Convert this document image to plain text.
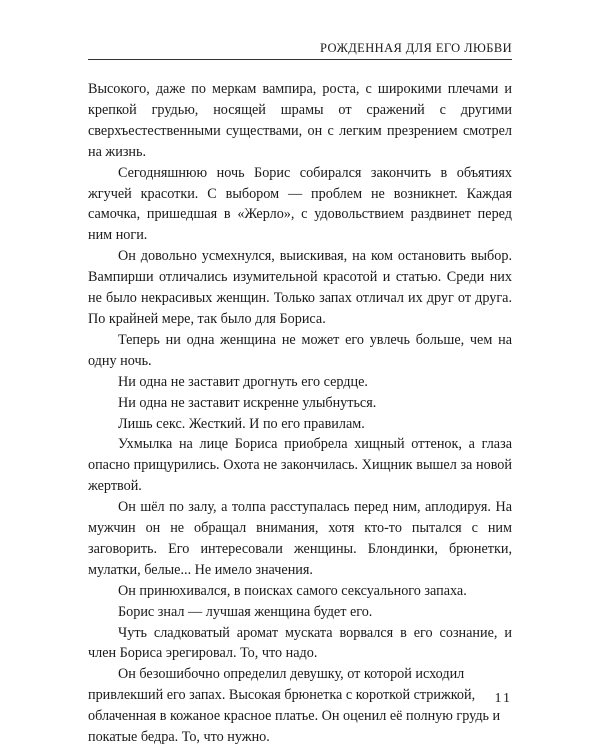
РОЖДЕННАЯ ДЛЯ ЕГО ЛЮБВИ

Высокого, даже по меркам вампира, роста, с широкими плечами и крепкой грудью, носящей шрамы от сражений с другими сверхъестественными существами, он с легким презрением смотрел на жизнь.

Сегодняшнюю ночь Борис собирался закончить в объятиях жгучей красотки. С выбором — проблем не возникнет. Каждая самочка, пришедшая в «Жерло», с удовольствием раздвинет перед ним ноги.

Он довольно усмехнулся, выискивая, на ком остановить выбор. Вампирши отличались изумительной красотой и статью. Среди них не было некрасивых женщин. Только запах отличал их друг от друга. По крайней мере, так было для Бориса.

Теперь ни одна женщина не может его увлечь больше, чем на одну ночь.

Ни одна не заставит дрогнуть его сердце.

Ни одна не заставит искренне улыбнуться.

Лишь секс. Жесткий. И по его правилам.

Ухмылка на лице Бориса приобрела хищный оттенок, а глаза опасно прищурились. Охота не закончилась. Хищник вышел за новой жертвой.

Он шёл по залу, а толпа расступалась перед ним, аплодируя. На мужчин он не обращал внимания, хотя кто-то пытался с ним заговорить. Его интересовали женщины. Блондинки, брюнетки, мулатки, белые... Не имело значения.

Он принюхивался, в поисках самого сексуального запаха.

Борис знал — лучшая женщина будет его.

Чуть сладковатый аромат муската ворвался в его сознание, и член Бориса эрегировал. То, что надо.

Он безошибочно определил девушку, от которой исходил привлекший его запах. Высокая брюнетка с короткой стрижкой, облаченная в кожаное красное платье. Он оценил её полную грудь и покатые бедра. То, что нужно.

11
